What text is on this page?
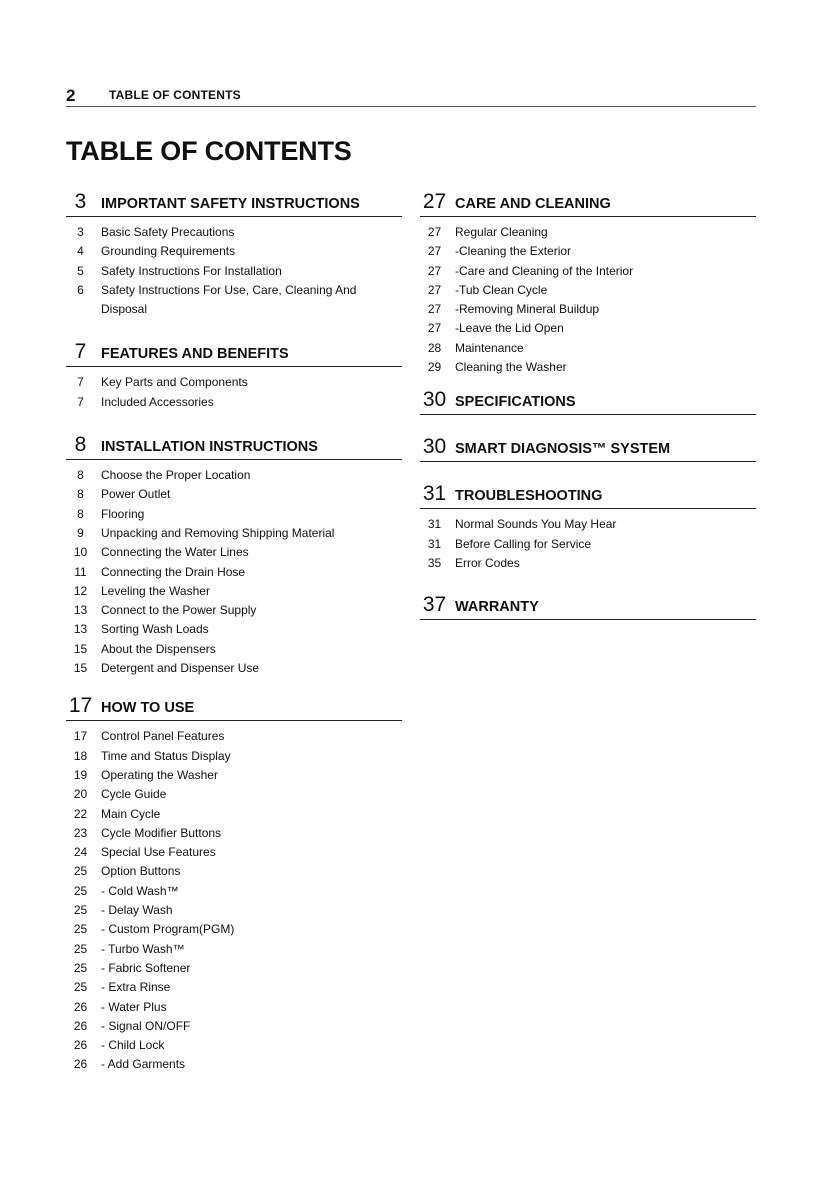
2	TABLE OF CONTENTS
TABLE OF CONTENTS
3	IMPORTANT SAFETY INSTRUCTIONS
3	Basic Safety Precautions
4	Grounding Requirements
5	Safety Instructions For Installation
6	Safety Instructions For Use, Care, Cleaning And Disposal
7	FEATURES AND BENEFITS
7	Key Parts and Components
7	Included Accessories
8	INSTALLATION INSTRUCTIONS
8	Choose the Proper Location
8	Power Outlet
8	Flooring
9	Unpacking and Removing Shipping Material
10	Connecting the Water Lines
11	Connecting the Drain Hose
12	Leveling the Washer
13	Connect to the Power Supply
13	Sorting Wash Loads
15	About the Dispensers
15	Detergent and Dispenser Use
17 HOW TO USE
17	Control Panel Features
18	Time and Status Display
19	Operating the Washer
20	Cycle Guide
22	Main Cycle
23	Cycle Modifier Buttons
24	Special Use Features
25	Option Buttons
25	- Cold Wash™
25	- Delay Wash
25	- Custom Program(PGM)
25	- Turbo Wash™
25	- Fabric Softener
25	- Extra Rinse
26	- Water Plus
26	- Signal ON/OFF
26	- Child Lock
26	- Add Garments
27 CARE AND CLEANING
27	Regular Cleaning
27	-Cleaning the Exterior
27	-Care and Cleaning of the Interior
27	-Tub Clean Cycle
27	-Removing Mineral Buildup
27	-Leave the Lid Open
28	Maintenance
29	Cleaning the Washer
30 SPECIFICATIONS
30 SMART DIAGNOSIS™ SYSTEM
31 TROUBLESHOOTING
31	Normal Sounds You May Hear
31	Before Calling for Service
35	Error Codes
37 WARRANTY
